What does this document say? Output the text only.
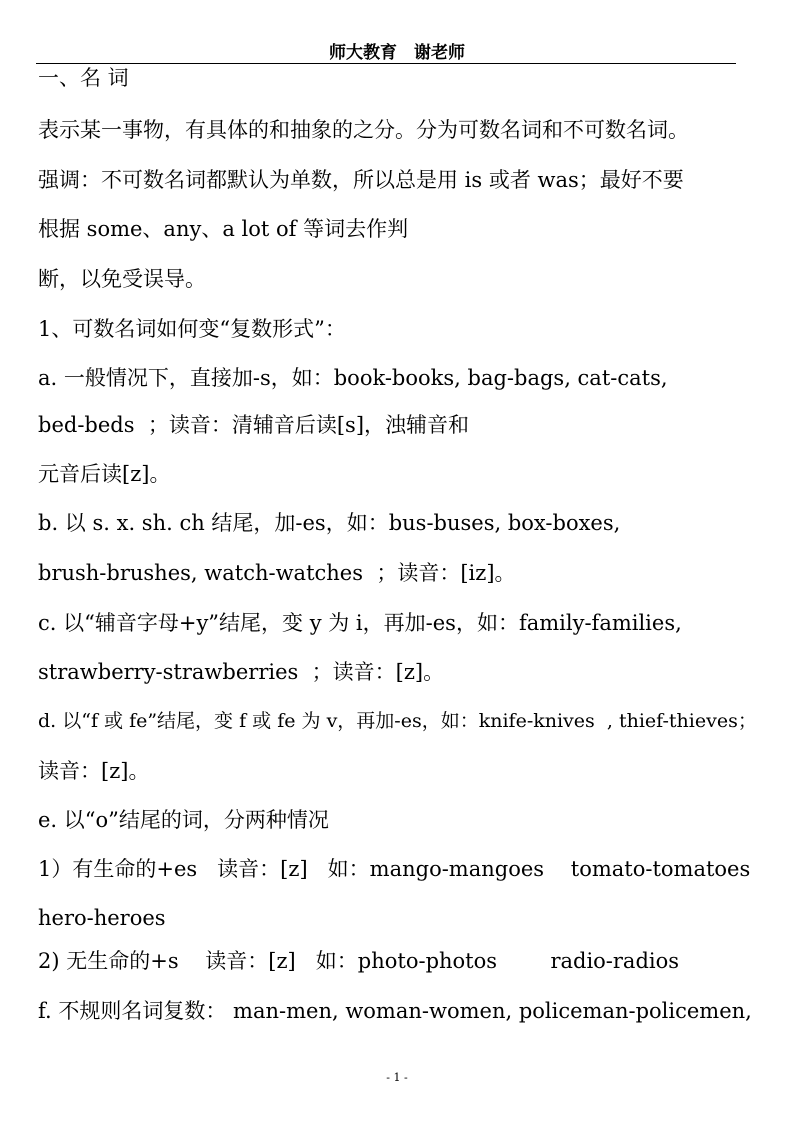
师大教育　谢老师
一、名 词
表示某一事物，有具体的和抽象的之分。分为可数名词和不可数名词。
强调：不可数名词都默认为单数，所以总是用 is 或者 was；最好不要
根据 some、any、a lot of 等词去作判
断，以免受误导。
1、可数名词如何变“复数形式”：
a. 一般情况下，直接加-s，如：book-books, bag-bags, cat-cats,
bed-beds  ；读音：清辅音后读[s]，浊辅音和
元音后读[z]。
b. 以 s. x. sh. ch 结尾，加-es，如：bus-buses, box-boxes,
brush-brushes, watch-watches  ；读音：[iz]。
c. 以“辅音字母+y”结尾，变 y 为 i，再加-es，如：family-families,
strawberry-strawberries  ；读音：[z]。
d. 以“f 或 fe”结尾，变 f 或 fe 为 v，再加-es，如：knife-knives  , thief-thieves；
读音：[z]。
e. 以“o”结尾的词，分两种情况
1）有生命的+es   读音：[z]   如：mango-mangoes    tomato-tomatoes
hero-heroes
2) 无生命的+s    读音：[z]   如：photo-photos        radio-radios
f. 不规则名词复数： man-men, woman-women, policeman-policemen,
- 1 -
